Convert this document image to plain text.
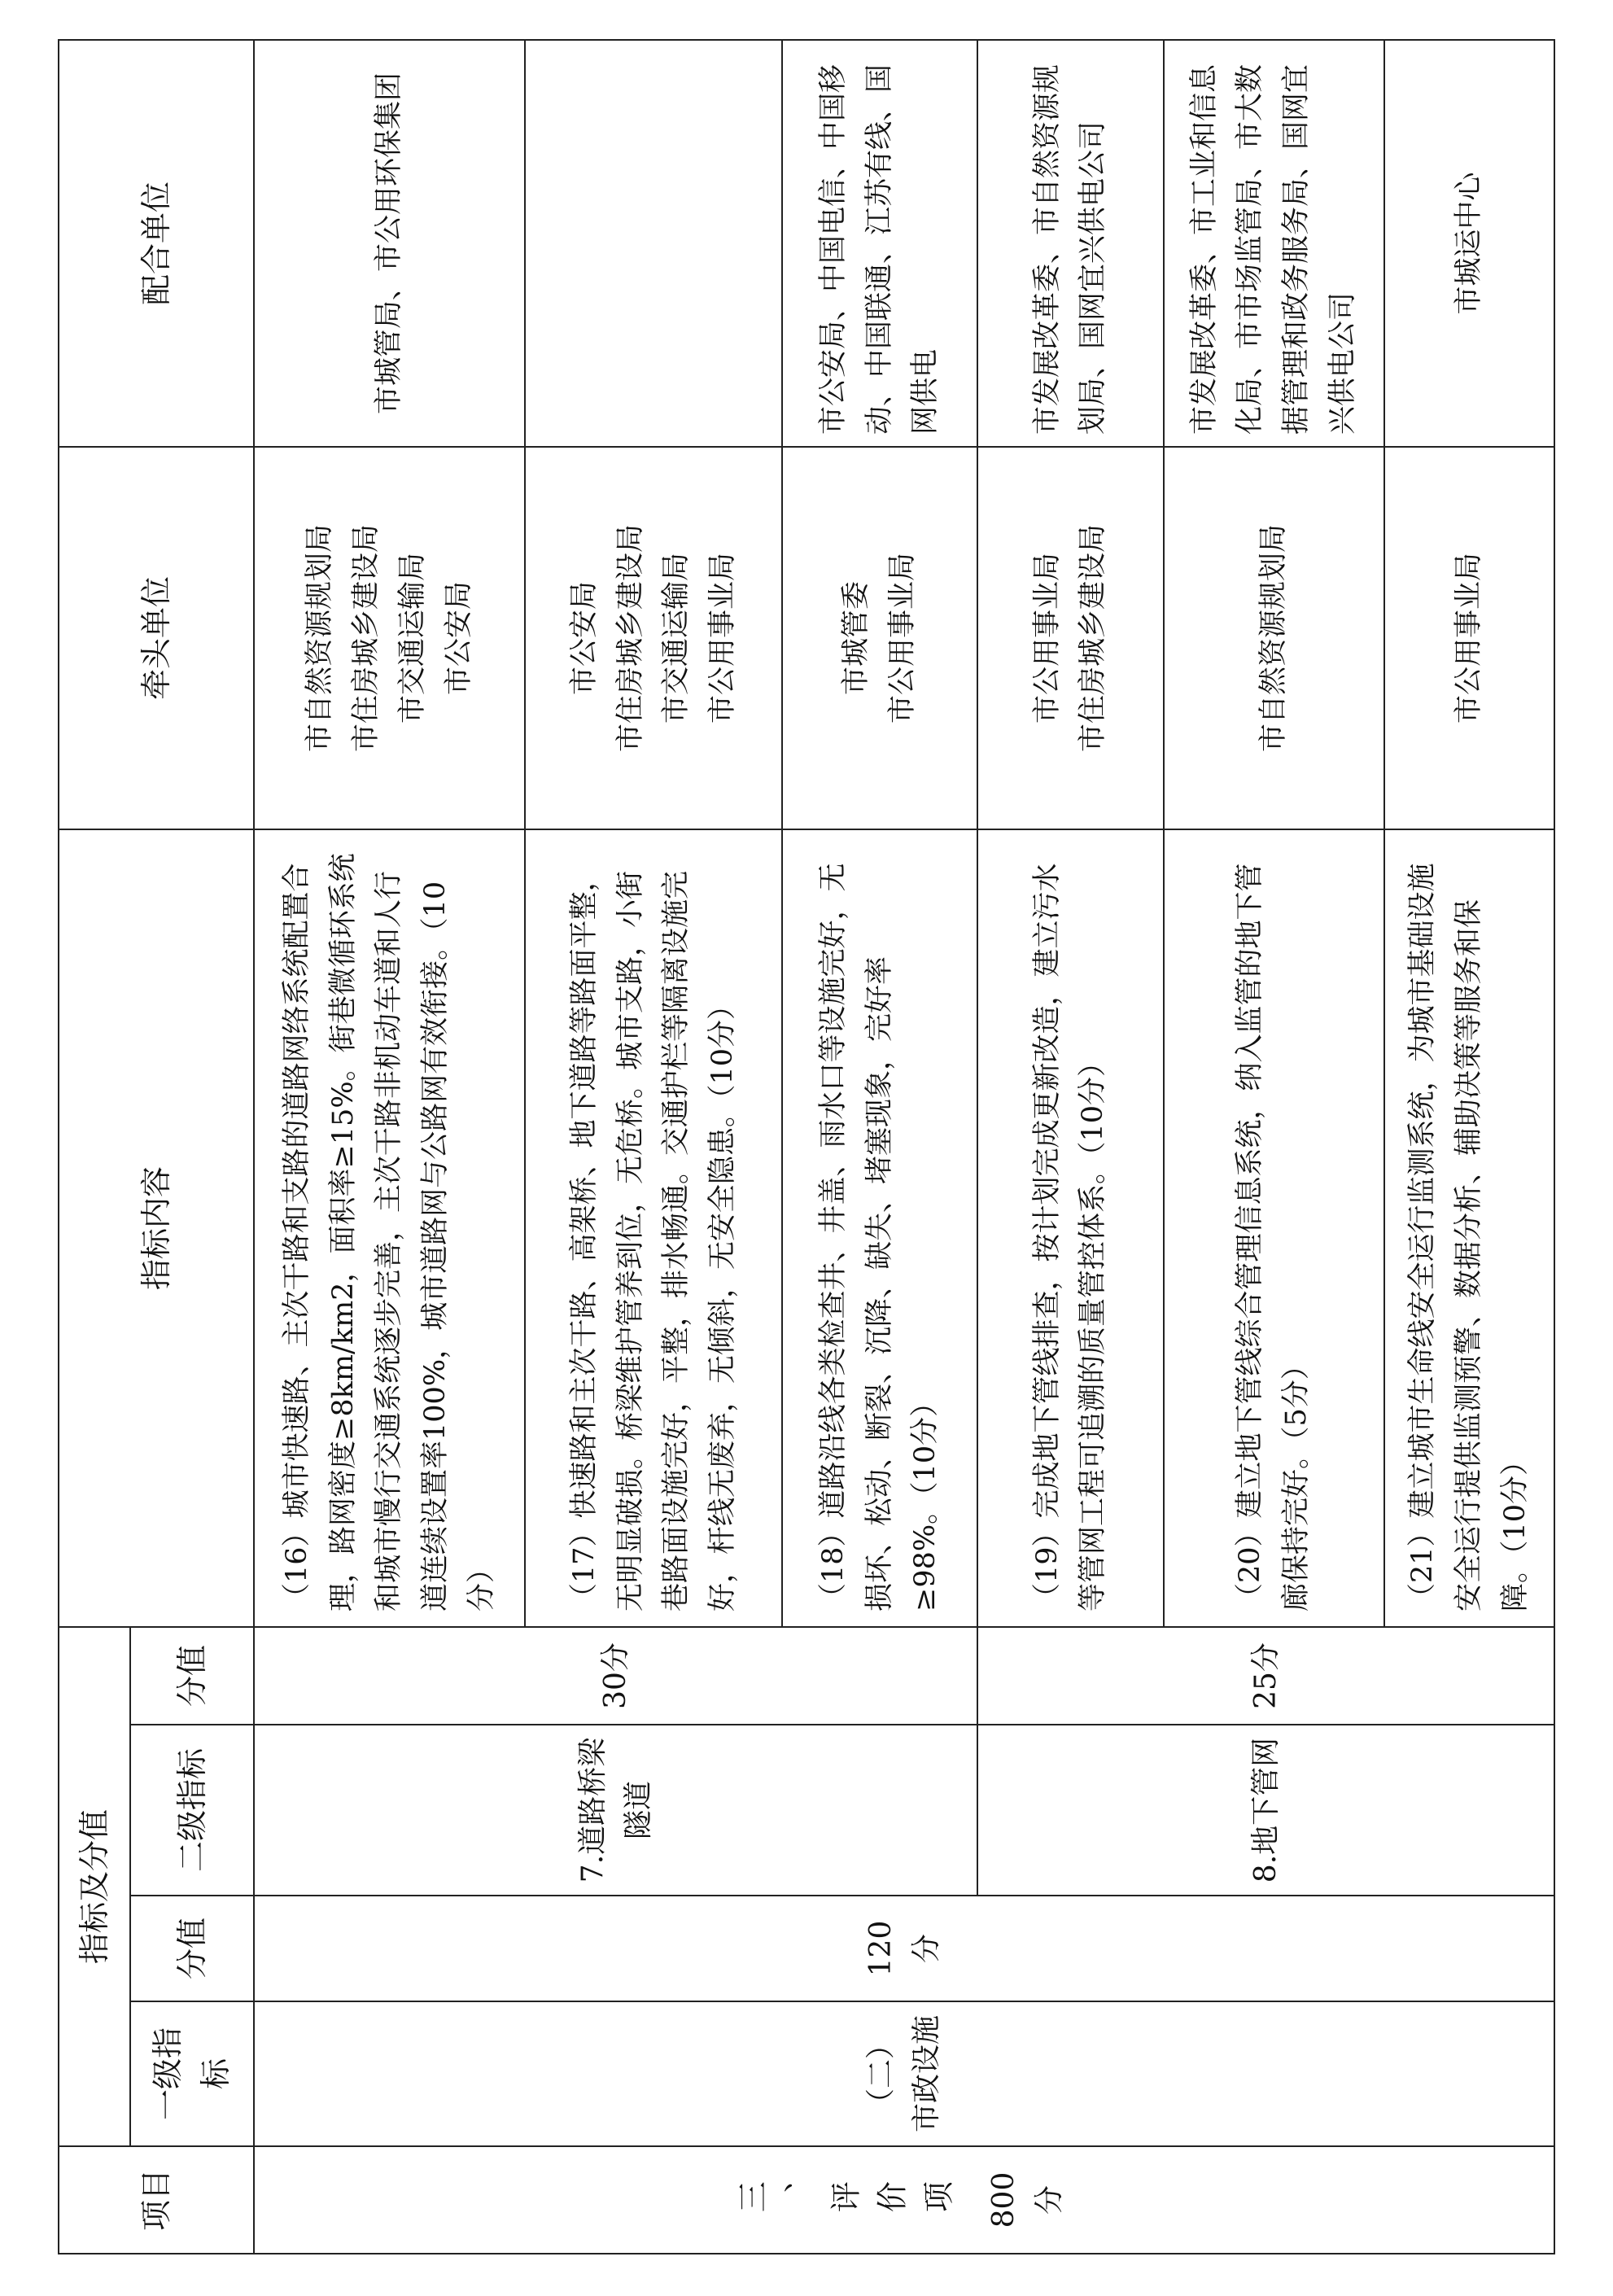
项目	指标及分值				指标内容	牵头单位	配合单位
	一级指标	分值	二级指标	分值			
三、评价项 800分	（二） 市政设施	120分	7.道路桥梁隧道	30分	（16）城市快速路、主次干路和支路的道路网络系统配置合理，路网密度≥8km/km2，面积率≥15%。街巷微循环系统和城市慢行交通系统逐步完善，主次干路非机动车道和人行道连续设置率100%，城市道路网与公路网有效衔接。（10分）	市自然资源规划局 市住房城乡建设局 市交通运输局 市公安局	市城管局、市公用环保集团
					（17）快速路和主次干路、高架桥、地下道路等路面平整，无明显破损。桥梁维护管养到位，无危桥。城市支路，小街巷路面设施完好，平整，排水畅通。交通护栏等隔离设施完好，杆线无废弃，无倾斜，无安全隐患。（10分）	市公安局 市住房城乡建设局 市交通运输局 市公用事业局	

					（18）道路沿线各类检查井、井盖、雨水口等设施完好，无损坏、松动、断裂、沉降、缺失、堵塞现象，完好率≥98%。（10分）	市城管委 市公用事业局	市公安局、中国电信、中国移动、中国联通、江苏有线、国网供电
			8.地下管网	25分	（19）完成地下管线排查，按计划完成更新改造，建立污水等管网工程可追溯的质量管控体系。（10分）	市公用事业局 市住房城乡建设局	市发展改革委、市自然资源规划局、国网宜兴供电公司
					（20）建立地下管线综合管理信息系统，纳入监管的地下管廊保持完好。（5分）	市自然资源规划局	市发展改革委、市工业和信息化局、市市场监管局、市大数据管理和政务服务局、国网宜兴供电公司
					（21）建立城市生命线安全运行监测系统，为城市基础设施安全运行提供监测预警、数据分析、辅助决策等服务和保障。（10分）	市公用事业局	市城运中心
